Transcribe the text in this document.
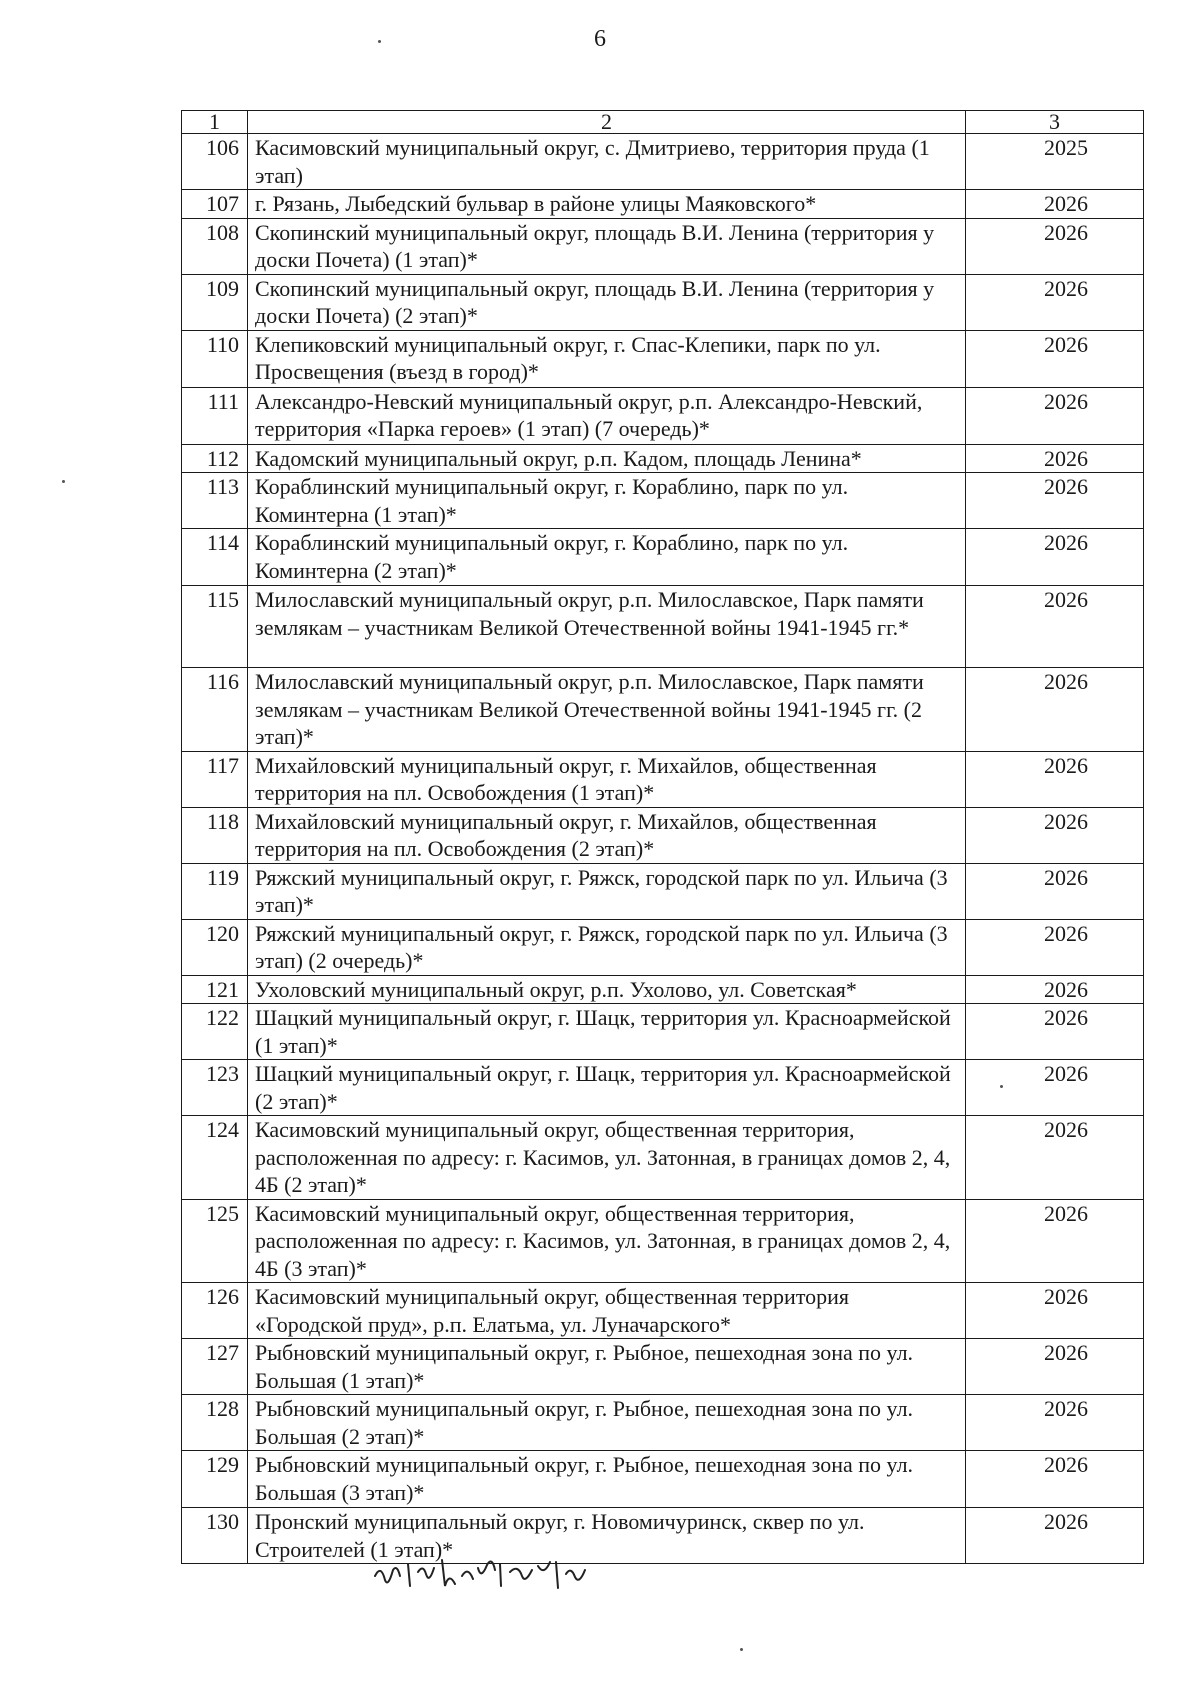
6
1	2	3
106	Касимовский муниципальный округ, с. Дмитриево, территория пруда (1 этап)	2025
107	г. Рязань, Лыбедский бульвар в районе улицы Маяковского*	2026
108	Скопинский муниципальный округ, площадь В.И. Ленина (территория у доски Почета) (1 этап)*	2026
109	Скопинский муниципальный округ, площадь В.И. Ленина (территория у доски Почета) (2 этап)*	2026
110	Клепиковский муниципальный округ, г. Спас-Клепики, парк по ул. Просвещения (въезд в город)*	2026
111	Александро-Невский муниципальный округ, р.п. Александро-Невский, территория «Парка героев» (1 этап) (7 очередь)*	2026
112	Кадомский муниципальный округ, р.п. Кадом, площадь Ленина*	2026
113	Кораблинский муниципальный округ, г. Кораблино, парк по ул. Коминтерна (1 этап)*	2026
114	Кораблинский муниципальный округ, г. Кораблино, парк по ул. Коминтерна (2 этап)*	2026
115	Милославский муниципальный округ, р.п. Милославское, Парк памяти землякам – участникам Великой Отечественной войны 1941-1945 гг.*	2026
116	Милославский муниципальный округ, р.п. Милославское, Парк памяти землякам – участникам Великой Отечественной войны 1941-1945 гг. (2 этап)*	2026
117	Михайловский муниципальный округ, г. Михайлов, общественная территория на пл. Освобождения (1 этап)*	2026
118	Михайловский муниципальный округ, г. Михайлов, общественная территория на пл. Освобождения (2 этап)*	2026
119	Ряжский муниципальный округ, г. Ряжск, городской парк по ул. Ильича (3 этап)*	2026
120	Ряжский муниципальный округ, г. Ряжск, городской парк по ул. Ильича (3 этап) (2 очередь)*	2026
121	Ухоловский муниципальный округ, р.п. Ухолово, ул. Советская*	2026
122	Шацкий муниципальный округ, г. Шацк, территория ул. Красноармейской (1 этап)*	2026
123	Шацкий муниципальный округ, г. Шацк, территория ул. Красноармейской (2 этап)*	2026
124	Касимовский муниципальный округ, общественная территория, расположенная по адресу: г. Касимов, ул. Затонная, в границах домов 2, 4, 4Б (2 этап)*	2026
125	Касимовский муниципальный округ, общественная территория, расположенная по адресу: г. Касимов, ул. Затонная, в границах домов 2, 4, 4Б (3 этап)*	2026
126	Касимовский муниципальный округ, общественная территория «Городской пруд», р.п. Елатьма, ул. Луначарского*	2026
127	Рыбновский муниципальный округ, г. Рыбное, пешеходная зона по ул. Большая (1 этап)*	2026
128	Рыбновский муниципальный округ, г. Рыбное, пешеходная зона по ул. Большая (2 этап)*	2026
129	Рыбновский муниципальный округ, г. Рыбное, пешеходная зона по ул. Большая (3 этап)*	2026
130	Пронский муниципальный округ, г. Новомичуринск, сквер по ул. Строителей (1 этап)*	2026
